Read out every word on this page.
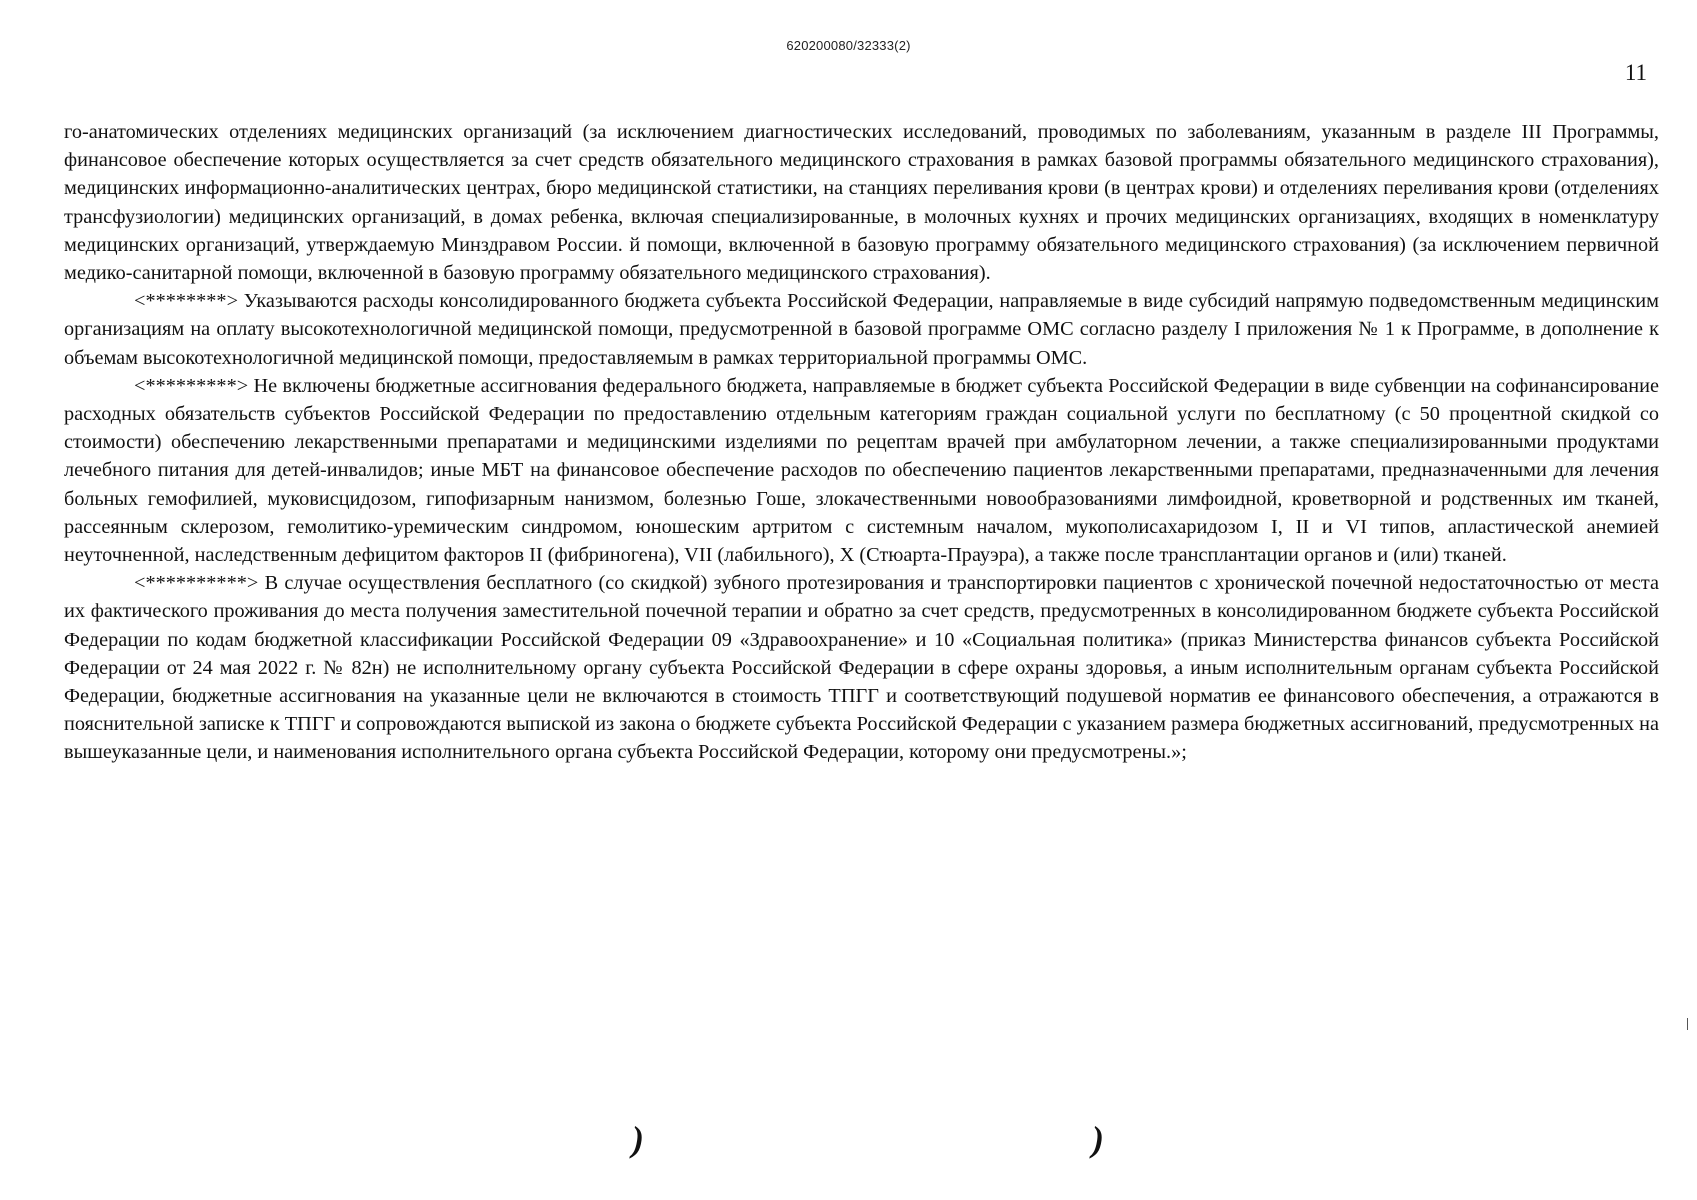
620200080/32333(2)
11

го-анатомических отделениях медицинских организаций (за исключением диагностических исследований, проводимых по заболеваниям, указанным в разделе III Программы, финансовое обеспечение которых осуществляется за счет средств обязательного медицинского страхования в рамках базовой программы обязательного медицинского страхования), медицинских информационно-аналитических центрах, бюро медицинской статистики, на станциях переливания крови (в центрах крови) и отделениях переливания крови (отделениях трансфузиологии) медицинских организаций, в домах ребенка, включая специализированные, в молочных кухнях и прочих медицинских организациях, входящих в номенклатуру медицинских организаций, утверждаемую Минздравом России. й помощи, включенной в базовую программу обязательного медицинского страхования) (за исключением первичной медико-санитарной помощи, включенной в базовую программу обязательного медицинского страхования).

<********> Указываются расходы консолидированного бюджета субъекта Российской Федерации, направляемые в виде субсидий напрямую подведомственным медицинским организациям на оплату высокотехнологичной медицинской помощи, предусмотренной в базовой программе ОМС согласно разделу I приложения № 1 к Программе, в дополнение к объемам высокотехнологичной медицинской помощи, предоставляемым в рамках территориальной программы ОМС.

<*********> Не включены бюджетные ассигнования федерального бюджета, направляемые в бюджет субъекта Российской Федерации в виде субвенции на софинансирование расходных обязательств субъектов Российской Федерации по предоставлению отдельным категориям граждан социальной услуги по бесплатному (с 50 процентной скидкой со стоимости) обеспечению лекарственными препаратами и медицинскими изделиями по рецептам врачей при амбулаторном лечении, а также специализированными продуктами лечебного питания для детей-инвалидов; иные МБТ на финансовое обеспечение расходов по обеспечению пациентов лекарственными препаратами, предназначенными для лечения больных гемофилией, муковисцидозом, гипофизарным нанизмом, болезнью Гоше, злокачественными новообразованиями лимфоидной, кроветворной и родственных им тканей, рассеянным склерозом, гемолитико-уремическим синдромом, юношеским артритом с системным началом, мукополисахаридозом I, II и VI типов, апластической анемией неуточненной, наследственным дефицитом факторов II (фибриногена), VII (лабильного), X (Стюарта-Прауэра), а также после трансплантации органов и (или) тканей.

<**********> В случае осуществления бесплатного (со скидкой) зубного протезирования и транспортировки пациентов с хронической почечной недостаточностью от места их фактического проживания до места получения заместительной почечной терапии и обратно за счет средств, предусмотренных в консолидированном бюджете субъекта Российской Федерации по кодам бюджетной классификации Российской Федерации 09 «Здравоохранение» и 10 «Социальная политика» (приказ Министерства финансов субъекта Российской Федерации от 24 мая 2022 г. № 82н) не исполнительному органу субъекта Российской Федерации в сфере охраны здоровья, а иным исполнительным органам субъекта Российской Федерации, бюджетные ассигнования на указанные цели не включаются в стоимость ТПГГ и соответствующий подушевой норматив ее финансового обеспечения, а отражаются в пояснительной записке к ТПГГ и сопровождаются выпиской из закона о бюджете субъекта Российской Федерации с указанием размера бюджетных ассигнований, предусмотренных на вышеуказанные цели, и наименования исполнительного органа субъекта Российской Федерации, которому они предусмотрены.»;

)	)
